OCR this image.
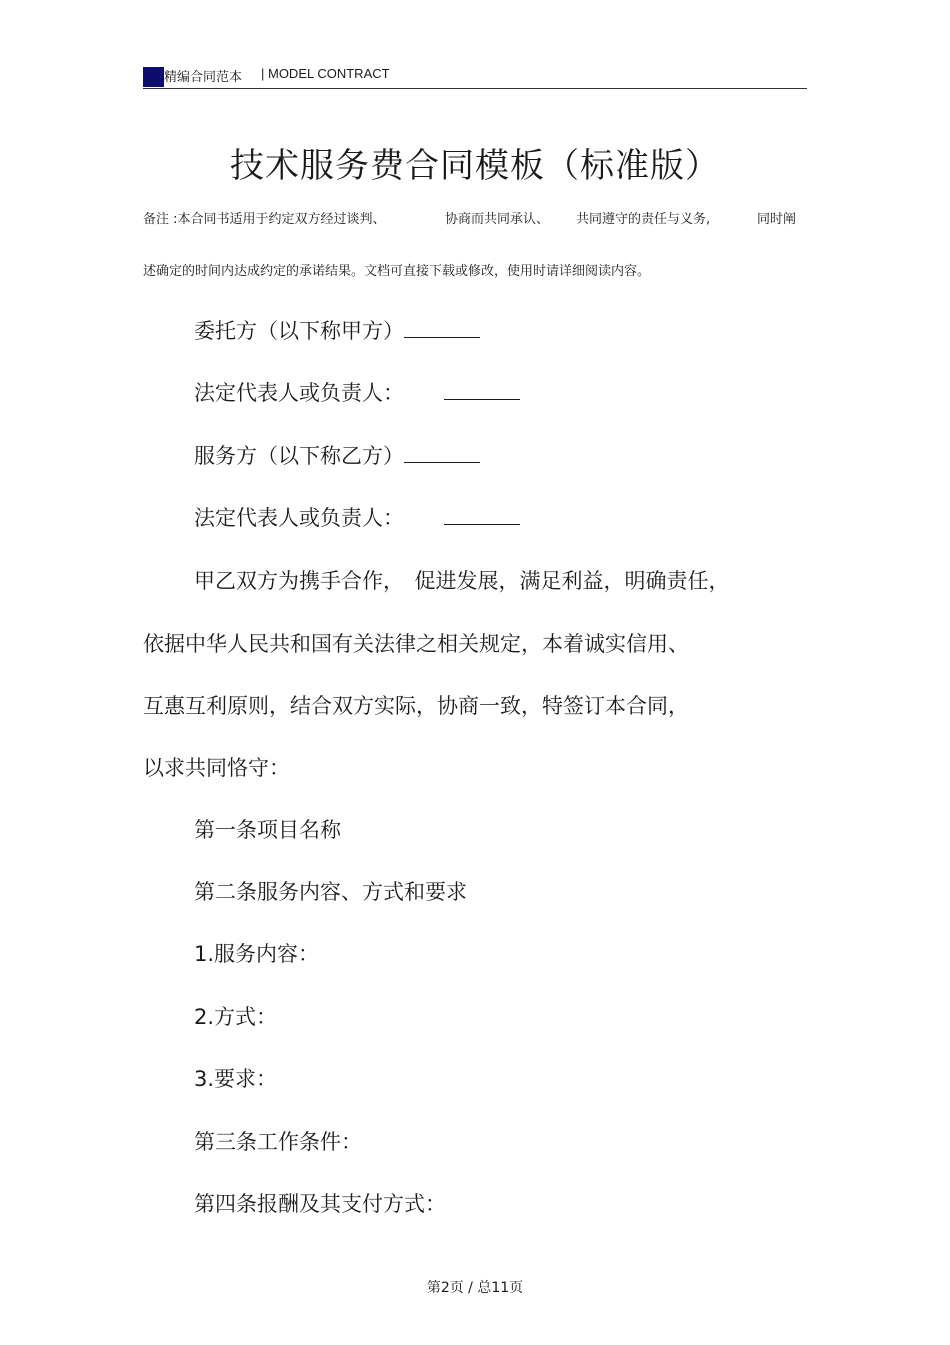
精编合同范本 | MODEL CONTRACT
技术服务费合同模板（标准版）
备注 :本合同书适用于约定双方经过谈判、	协商而共同承认、 共同遵守的责任与义务,	同时阐
述确定的时间内达成约定的承诺结果。文档可直接下载或修改，使用时请详细阅读内容。
委托方（以下称甲方）
法定代表人或负责人：
服务方（以下称乙方）
法定代表人或负责人：
甲乙双方为携手合作，　促进发展，满足利益，明确责任，
依据中华人民共和国有关法律之相关规定，本着诚实信用、
互惠互利原则，结合双方实际，协商一致，特签订本合同，
以求共同恪守：
第一条项目名称
第二条服务内容、方式和要求
1.服务内容：
2.方式：
3.要求：
第三条工作条件：
第四条报酬及其支付方式：
第2页 / 总11页
